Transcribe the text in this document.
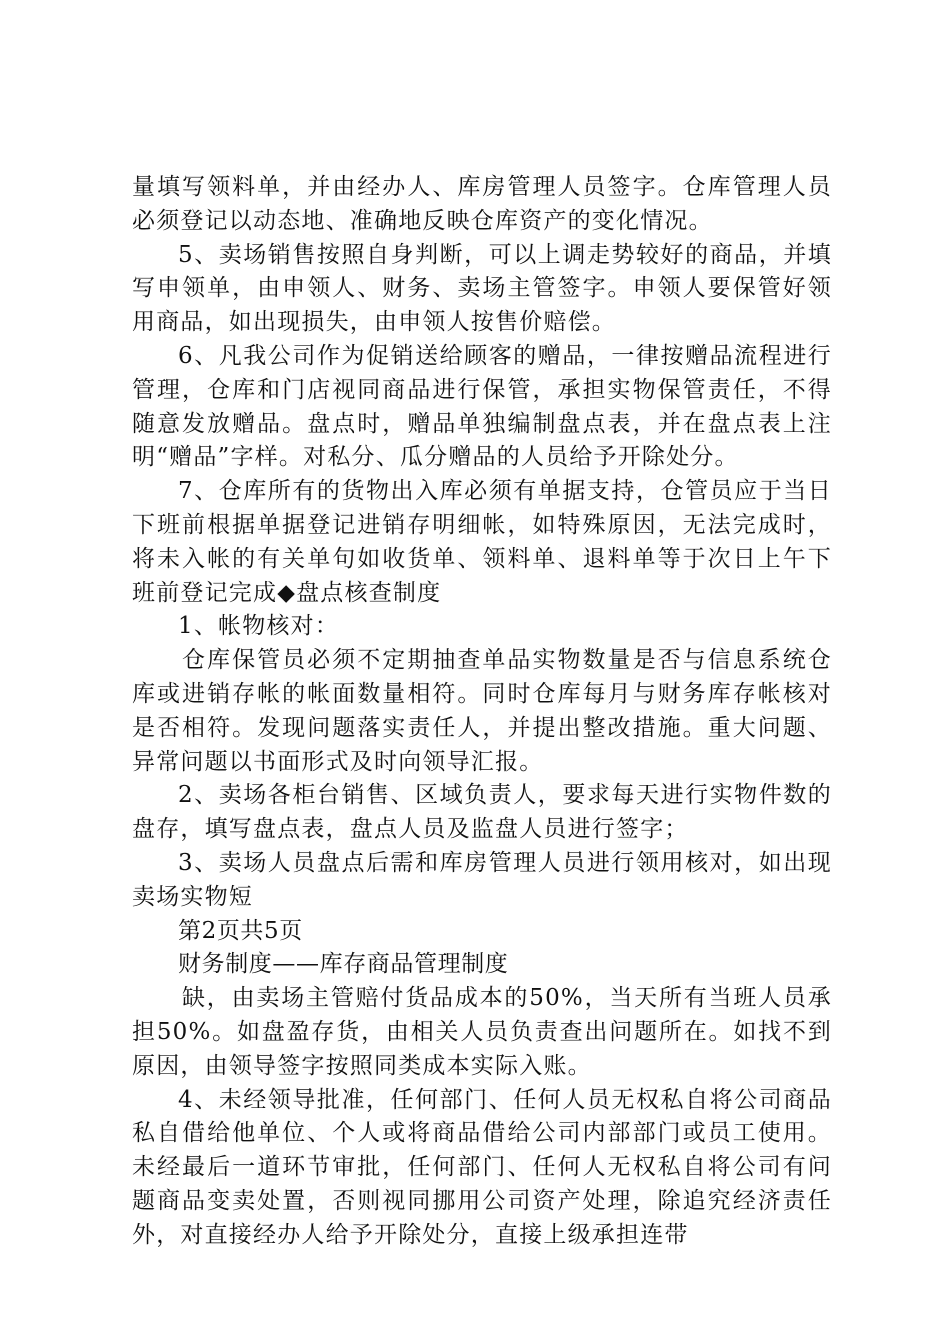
量填写领料单，并由经办人、库房管理人员签字。仓库管理人员必须登记以动态地、准确地反映仓库资产的变化情况。

5、卖场销售按照自身判断，可以上调走势较好的商品，并填写申领单，由申领人、财务、卖场主管签字。申领人要保管好领用商品，如出现损失，由申领人按售价赔偿。

6、凡我公司作为促销送给顾客的赠品，一律按赠品流程进行管理，仓库和门店视同商品进行保管，承担实物保管责任，不得随意发放赠品。盘点时，赠品单独编制盘点表，并在盘点表上注明“赠品”字样。对私分、瓜分赠品的人员给予开除处分。

7、仓库所有的货物出入库必须有单据支持，仓管员应于当日下班前根据单据登记进销存明细帐，如特殊原因，无法完成时，将未入帐的有关单句如收货单、领料单、退料单等于次日上午下班前登记完成◆盘点核查制度

1、帐物核对：

仓库保管员必须不定期抽查单品实物数量是否与信息系统仓库或进销存帐的帐面数量相符。同时仓库每月与财务库存帐核对是否相符。发现问题落实责任人，并提出整改措施。重大问题、异常问题以书面形式及时向领导汇报。

2、卖场各柜台销售、区域负责人，要求每天进行实物件数的盘存，填写盘点表，盘点人员及监盘人员进行签字；

3、卖场人员盘点后需和库房管理人员进行领用核对，如出现卖场实物短

第2页共5页

财务制度——库存商品管理制度

缺，由卖场主管赔付货品成本的50%，当天所有当班人员承担50%。如盘盈存货，由相关人员负责查出问题所在。如找不到原因，由领导签字按照同类成本实际入账。

4、未经领导批准，任何部门、任何人员无权私自将公司商品私自借给他单位、个人或将商品借给公司内部部门或员工使用。未经最后一道环节审批，任何部门、任何人无权私自将公司有问题商品变卖处置，否则视同挪用公司资产处理，除追究经济责任外，对直接经办人给予开除处分，直接上级承担连带
